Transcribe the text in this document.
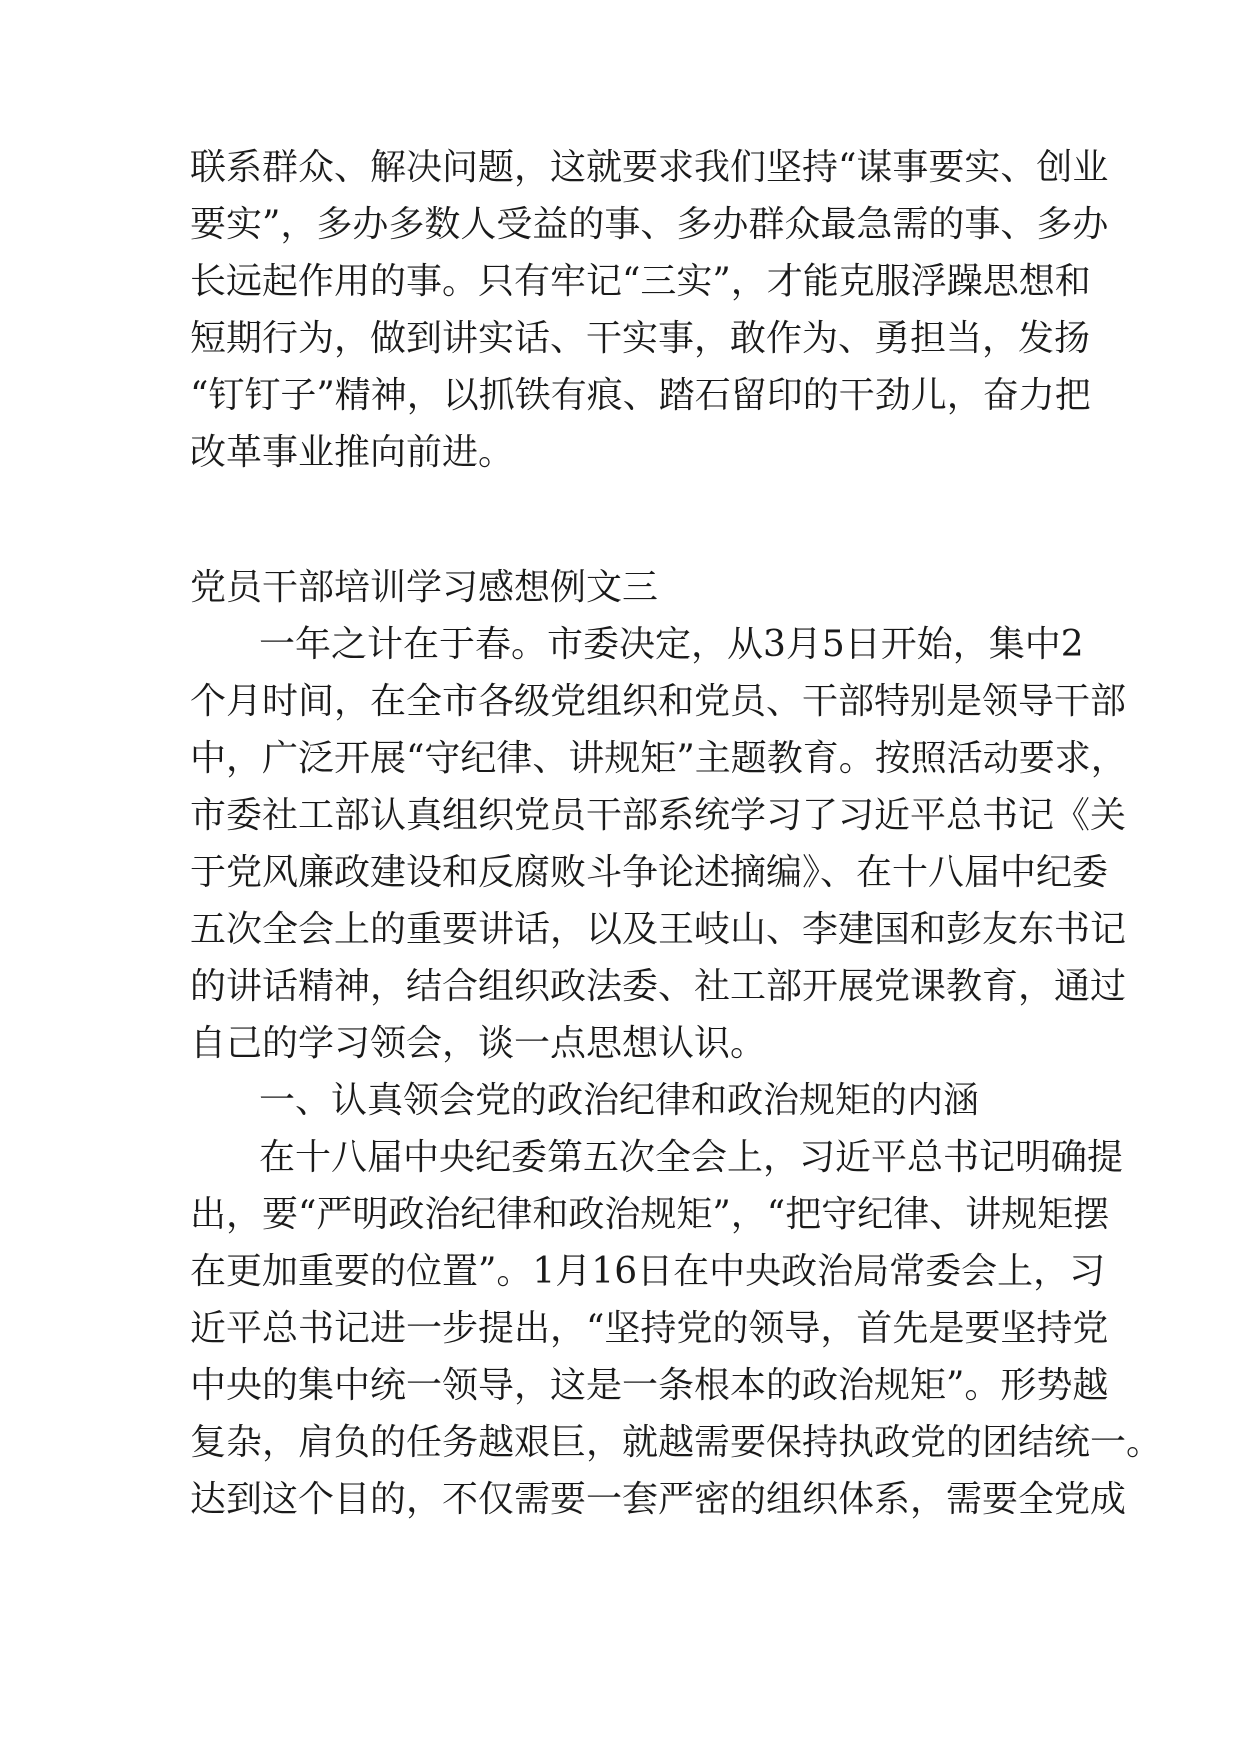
联系群众、解决问题，这就要求我们坚持“谋事要实、创业
要实”，多办多数人受益的事、多办群众最急需的事、多办
长远起作用的事。只有牢记“三实”，才能克服浮躁思想和
短期行为，做到讲实话、干实事，敢作为、勇担当，发扬
“钉钉子”精神，以抓铁有痕、踏石留印的干劲儿，奋力把
改革事业推向前进。
党员干部培训学习感想例文三
一年之计在于春。市委决定，从3月5日开始，集中2
个月时间，在全市各级党组织和党员、干部特别是领导干部
中，广泛开展“守纪律、讲规矩”主题教育。按照活动要求，
市委社工部认真组织党员干部系统学习了习近平总书记《关
于党风廉政建设和反腐败斗争论述摘编》、在十八届中纪委
五次全会上的重要讲话，以及王岐山、李建国和彭友东书记
的讲话精神，结合组织政法委、社工部开展党课教育，通过
自己的学习领会，谈一点思想认识。
一、认真领会党的政治纪律和政治规矩的内涵
在十八届中央纪委第五次全会上，习近平总书记明确提
出，要“严明政治纪律和政治规矩”，“把守纪律、讲规矩摆
在更加重要的位置”。1月16日在中央政治局常委会上，习
近平总书记进一步提出，“坚持党的领导，首先是要坚持党
中央的集中统一领导，这是一条根本的政治规矩”。形势越
复杂，肩负的任务越艰巨，就越需要保持执政党的团结统一。
达到这个目的，不仅需要一套严密的组织体系，需要全党成
